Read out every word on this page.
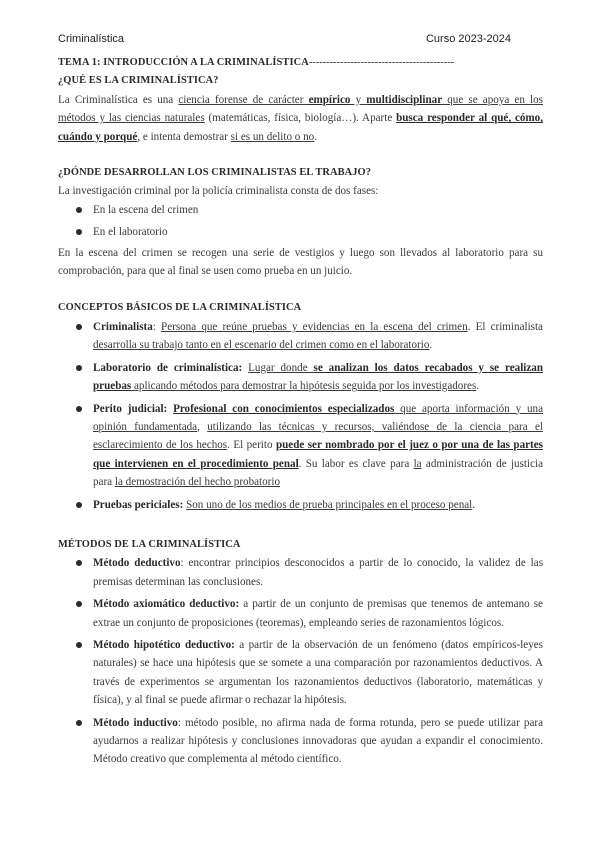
Criminalística	Curso 2023-2024

TEMA 1: INTRODUCCIÓN A LA CRIMINALÍSTICA------------------------------------------

¿QUÉ ES LA CRIMINALÍSTICA?

La Criminalística es una ciencia forense de carácter empírico y multidisciplinar que se apoya en los métodos y las ciencias naturales (matemáticas, física, biología…). Aparte busca responder al qué, cómo, cuándo y porqué, e intenta demostrar si es un delito o no.

¿DÓNDE DESARROLLAN LOS CRIMINALISTAS EL TRABAJO?

La investigación criminal por la policía criminalista consta de dos fases:

En la escena del crimen
En el laboratorio

En la escena del crimen se recogen una serie de vestigios y luego son llevados al laboratorio para su comprobación, para que al final se usen como prueba en un juicio.

CONCEPTOS BÁSICOS DE LA CRIMINALÍSTICA

Criminalista: Persona que reúne pruebas y evidencias en la escena del crimen. El criminalista desarrolla su trabajo tanto en el escenario del crimen como en el laboratorio.
Laboratorio de criminalística: Lugar donde se analizan los datos recabados y se realizan pruebas aplicando métodos para demostrar la hipótesis seguida por los investigadores.
Perito judicial: Profesional con conocimientos especializados que aporta información y una opinión fundamentada, utilizando las técnicas y recursos, valiéndose de la ciencia para el esclarecimiento de los hechos. El perito puede ser nombrado por el juez o por una de las partes que intervienen en el procedimiento penal. Su labor es clave para la administración de justicia para la demostración del hecho probatorio
Pruebas periciales: Son uno de los medios de prueba principales en el proceso penal.

MÉTODOS DE LA CRIMINALÍSTICA

Método deductivo: encontrar principios desconocidos a partir de lo conocido, la validez de las premisas determinan las conclusiones.
Método axiomático deductivo: a partir de un conjunto de premisas que tenemos de antemano se extrae un conjunto de proposiciones (teoremas), empleando series de razonamientos lógicos.
Método hipotético deductivo: a partir de la observación de un fenómeno (datos empíricos-leyes naturales) se hace una hipótesis que se somete a una comparación por razonamientos deductivos. A través de experimentos se argumentan los razonamientos deductivos (laboratorio, matemáticas y física), y al final se puede afirmar o rechazar la hipótesis.
Método inductivo: método posible, no afirma nada de forma rotunda, pero se puede utilizar para ayudarnos a realizar hipótesis y conclusiones innovadoras que ayudan a expandir el conocimiento. Método creativo que complementa al método científico.
